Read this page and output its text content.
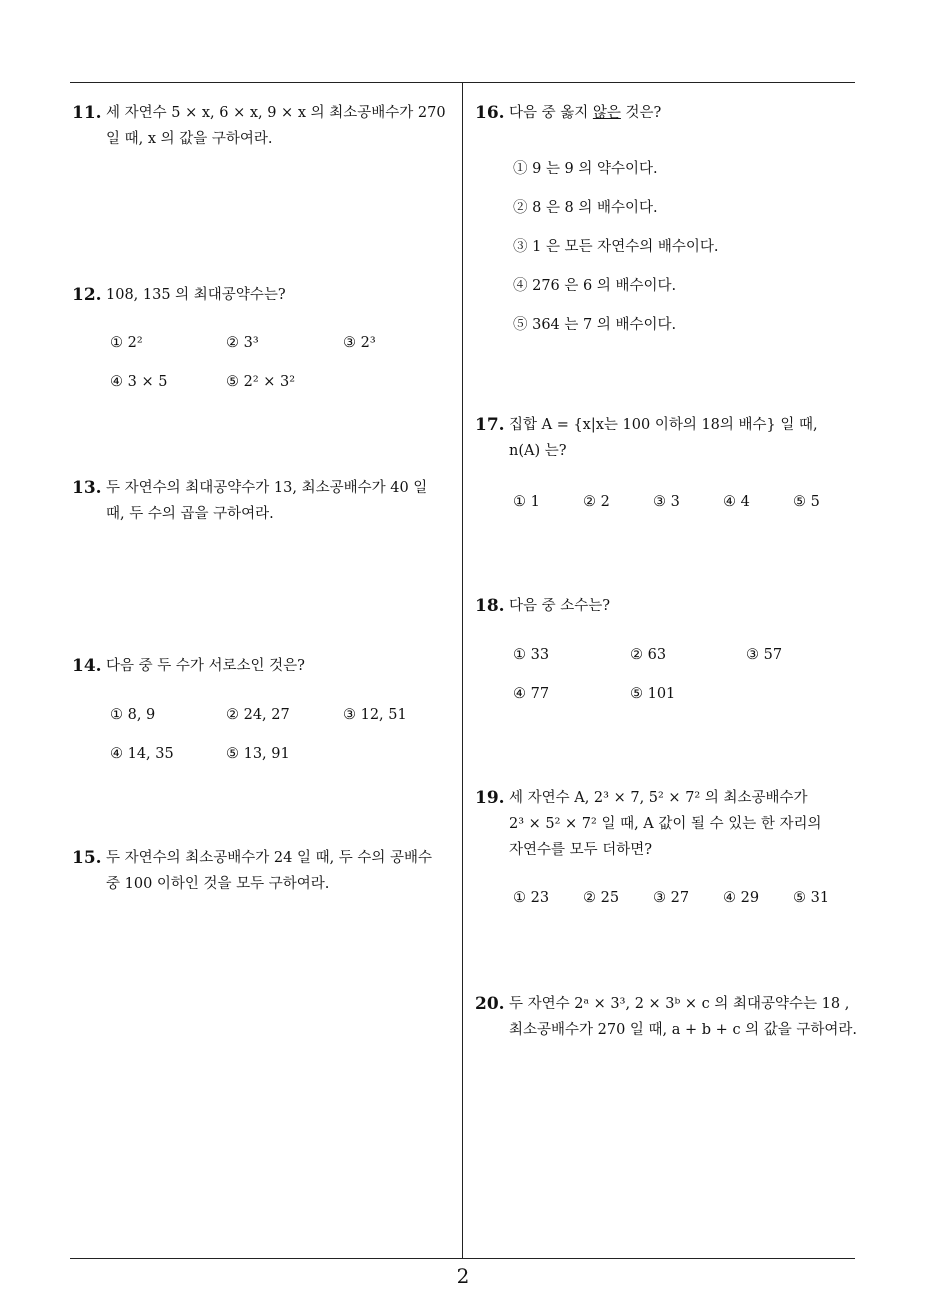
11. 세 자연수 5 × x, 6 × x, 9 × x 의 최소공배수가 270
일 때, x 의 값을 구하여라.
12. 108, 135 의 최대공약수는?
① 2²	② 3³	③ 2³
④ 3 × 5	⑤ 2² × 3²
13. 두 자연수의 최대공약수가 13, 최소공배수가 40 일
때, 두 수의 곱을 구하여라.
14. 다음 중 두 수가 서로소인 것은?
① 8, 9	② 24, 27	③ 12, 51
④ 14, 35	⑤ 13, 91
15. 두 자연수의 최소공배수가 24 일 때, 두 수의 공배수
중 100 이하인 것을 모두 구하여라.
16. 다음 중 옳지 않은 것은?
① 9 는 9 의 약수이다.
② 8 은 8 의 배수이다.
③ 1 은 모든 자연수의 배수이다.
④ 276 은 6 의 배수이다.
⑤ 364 는 7 의 배수이다.
17. 집합 A = {x|x는 100 이하의 18의 배수} 일 때,
n(A) 는?
① 1	② 2	③ 3	④ 4	⑤ 5
18. 다음 중 소수는?
① 33	② 63	③ 57
④ 77	⑤ 101
19. 세 자연수 A, 2³ × 7, 5² × 7² 의 최소공배수가
2³ × 5² × 7² 일 때, A 값이 될 수 있는 한 자리의
자연수를 모두 더하면?
① 23 ② 25 ③ 27 ④ 29 ⑤ 31
20. 두 자연수 2ᵃ × 3³, 2 × 3ᵇ × c 의 최대공약수는 18 ,
최소공배수가 270 일 때, a + b + c 의 값을 구하여라.
2
